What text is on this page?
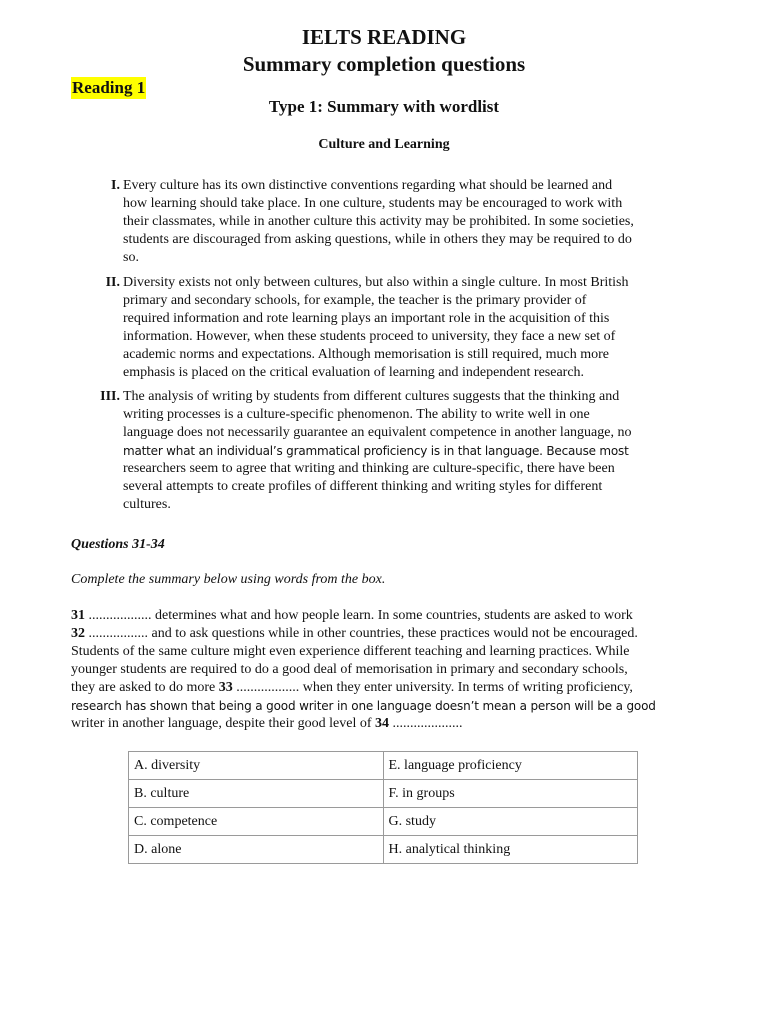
IELTS READING
Summary completion questions
Reading 1
Type 1: Summary with wordlist
Culture and Learning
I. Every culture has its own distinctive conventions regarding what should be learned and
how learning should take place. In one culture, students may be encouraged to work with
their classmates, while in another culture this activity may be prohibited. In some societies,
students are discouraged from asking questions, while in others they may be required to do
so.
II. Diversity exists not only between cultures, but also within a single culture. In most British
primary and secondary schools, for example, the teacher is the primary provider of
required information and rote learning plays an important role in the acquisition of this
information. However, when these students proceed to university, they face a new set of
academic norms and expectations. Although memorisation is still required, much more
emphasis is placed on the critical evaluation of learning and independent research.
III. The analysis of writing by students from different cultures suggests that the thinking and
writing processes is a culture-specific phenomenon. The ability to write well in one
language does not necessarily guarantee an equivalent competence in another language, no
matter what an individual’s grammatical proficiency is in that language. Because most
researchers seem to agree that writing and thinking are culture-specific, there have been
several attempts to create profiles of different thinking and writing styles for different
cultures.
Questions 31-34
Complete the summary below using words from the box.
31 .................. determines what and how people learn. In some countries, students are asked to work
32 ................. and to ask questions while in other countries, these practices would not be encouraged.
Students of the same culture might even experience different teaching and learning practices. While
younger students are required to do a good deal of memorisation in primary and secondary schools,
they are asked to do more 33 .................. when they enter university. In terms of writing proficiency,
research has shown that being a good writer in one language doesn’t mean a person will be a good
writer in another language, despite their good level of 34 ....................
A. diversity	E. language proficiency
B. culture	F. in groups
C. competence	G. study
D. alone	H. analytical thinking
